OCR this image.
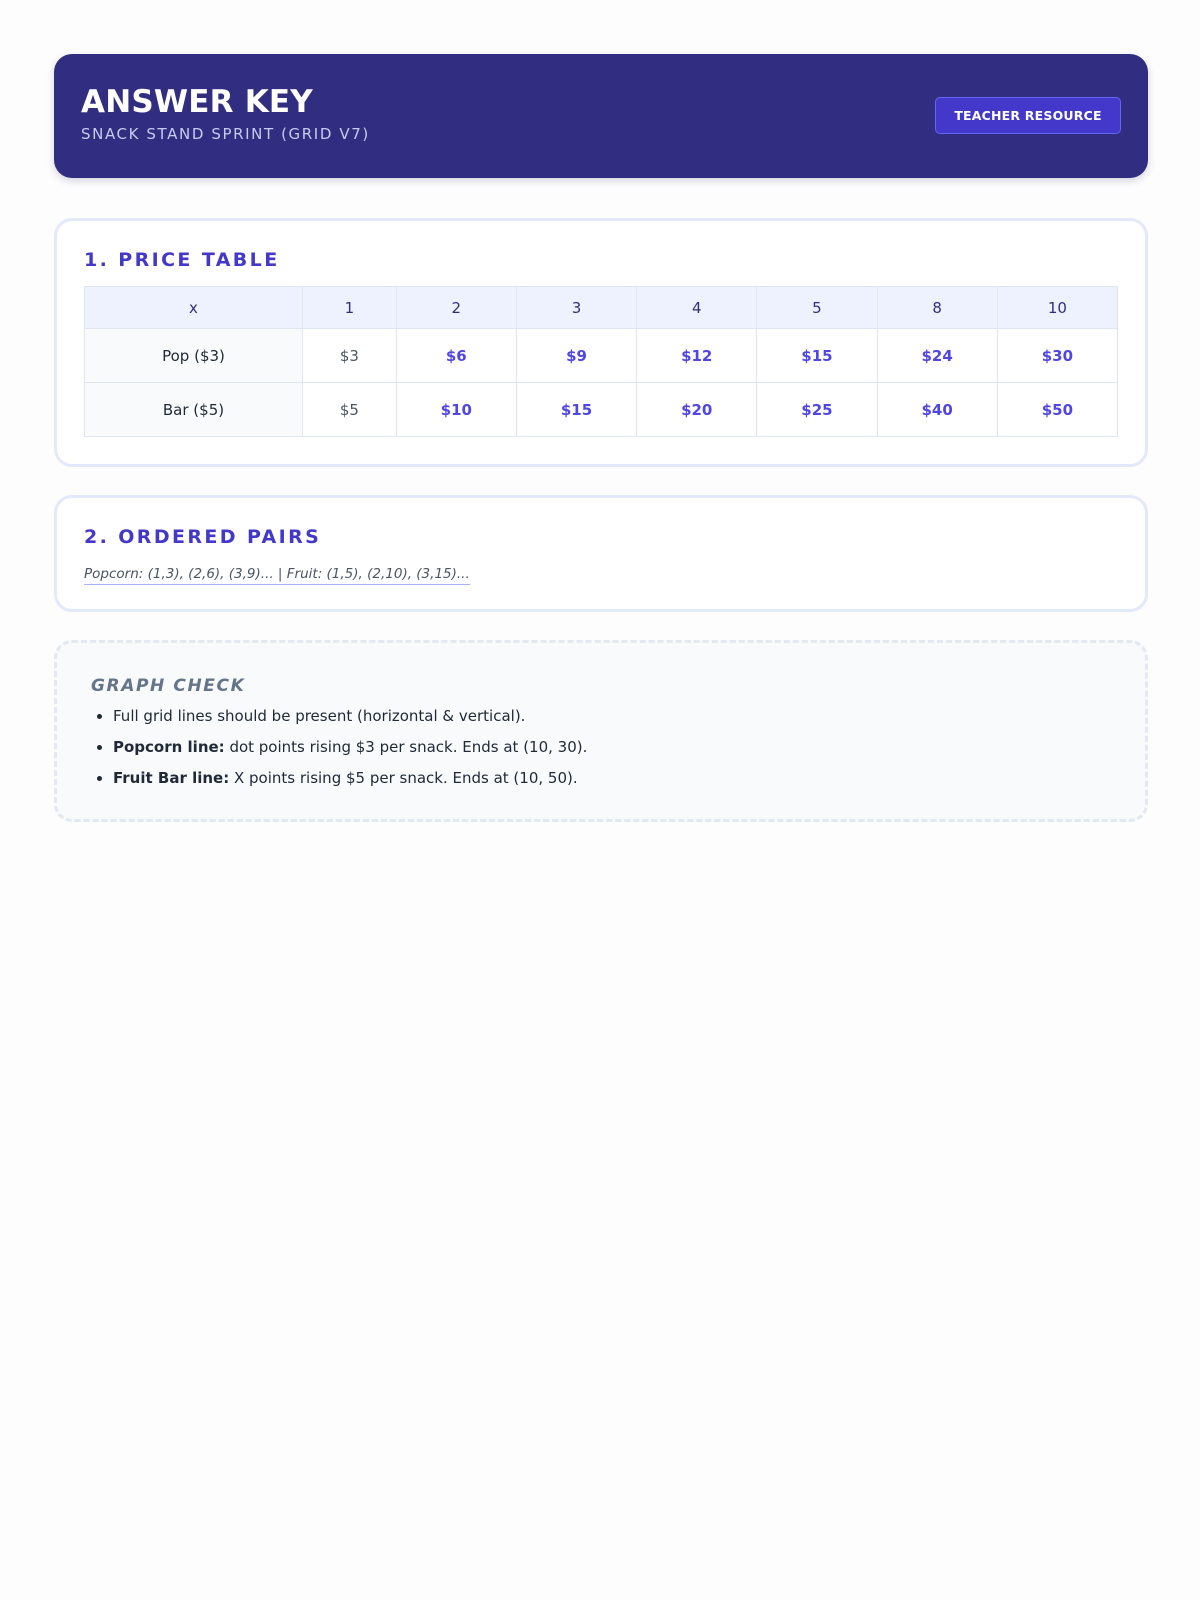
ANSWER KEY
SNACK STAND SPRINT (GRID V7)
TEACHER RESOURCE
1. PRICE TABLE
x	1	2	3	4	5	8	10
Pop ($3)	$3	$6	$9	$12	$15	$24	$30
Bar ($5)	$5	$10	$15	$20	$25	$40	$50
2. ORDERED PAIRS
Popcorn: (1,3), (2,6), (3,9)... | Fruit: (1,5), (2,10), (3,15)...
GRAPH CHECK
• Full grid lines should be present (horizontal & vertical).
• Popcorn line: dot points rising $3 per snack. Ends at (10, 30).
• Fruit Bar line: X points rising $5 per snack. Ends at (10, 50).
